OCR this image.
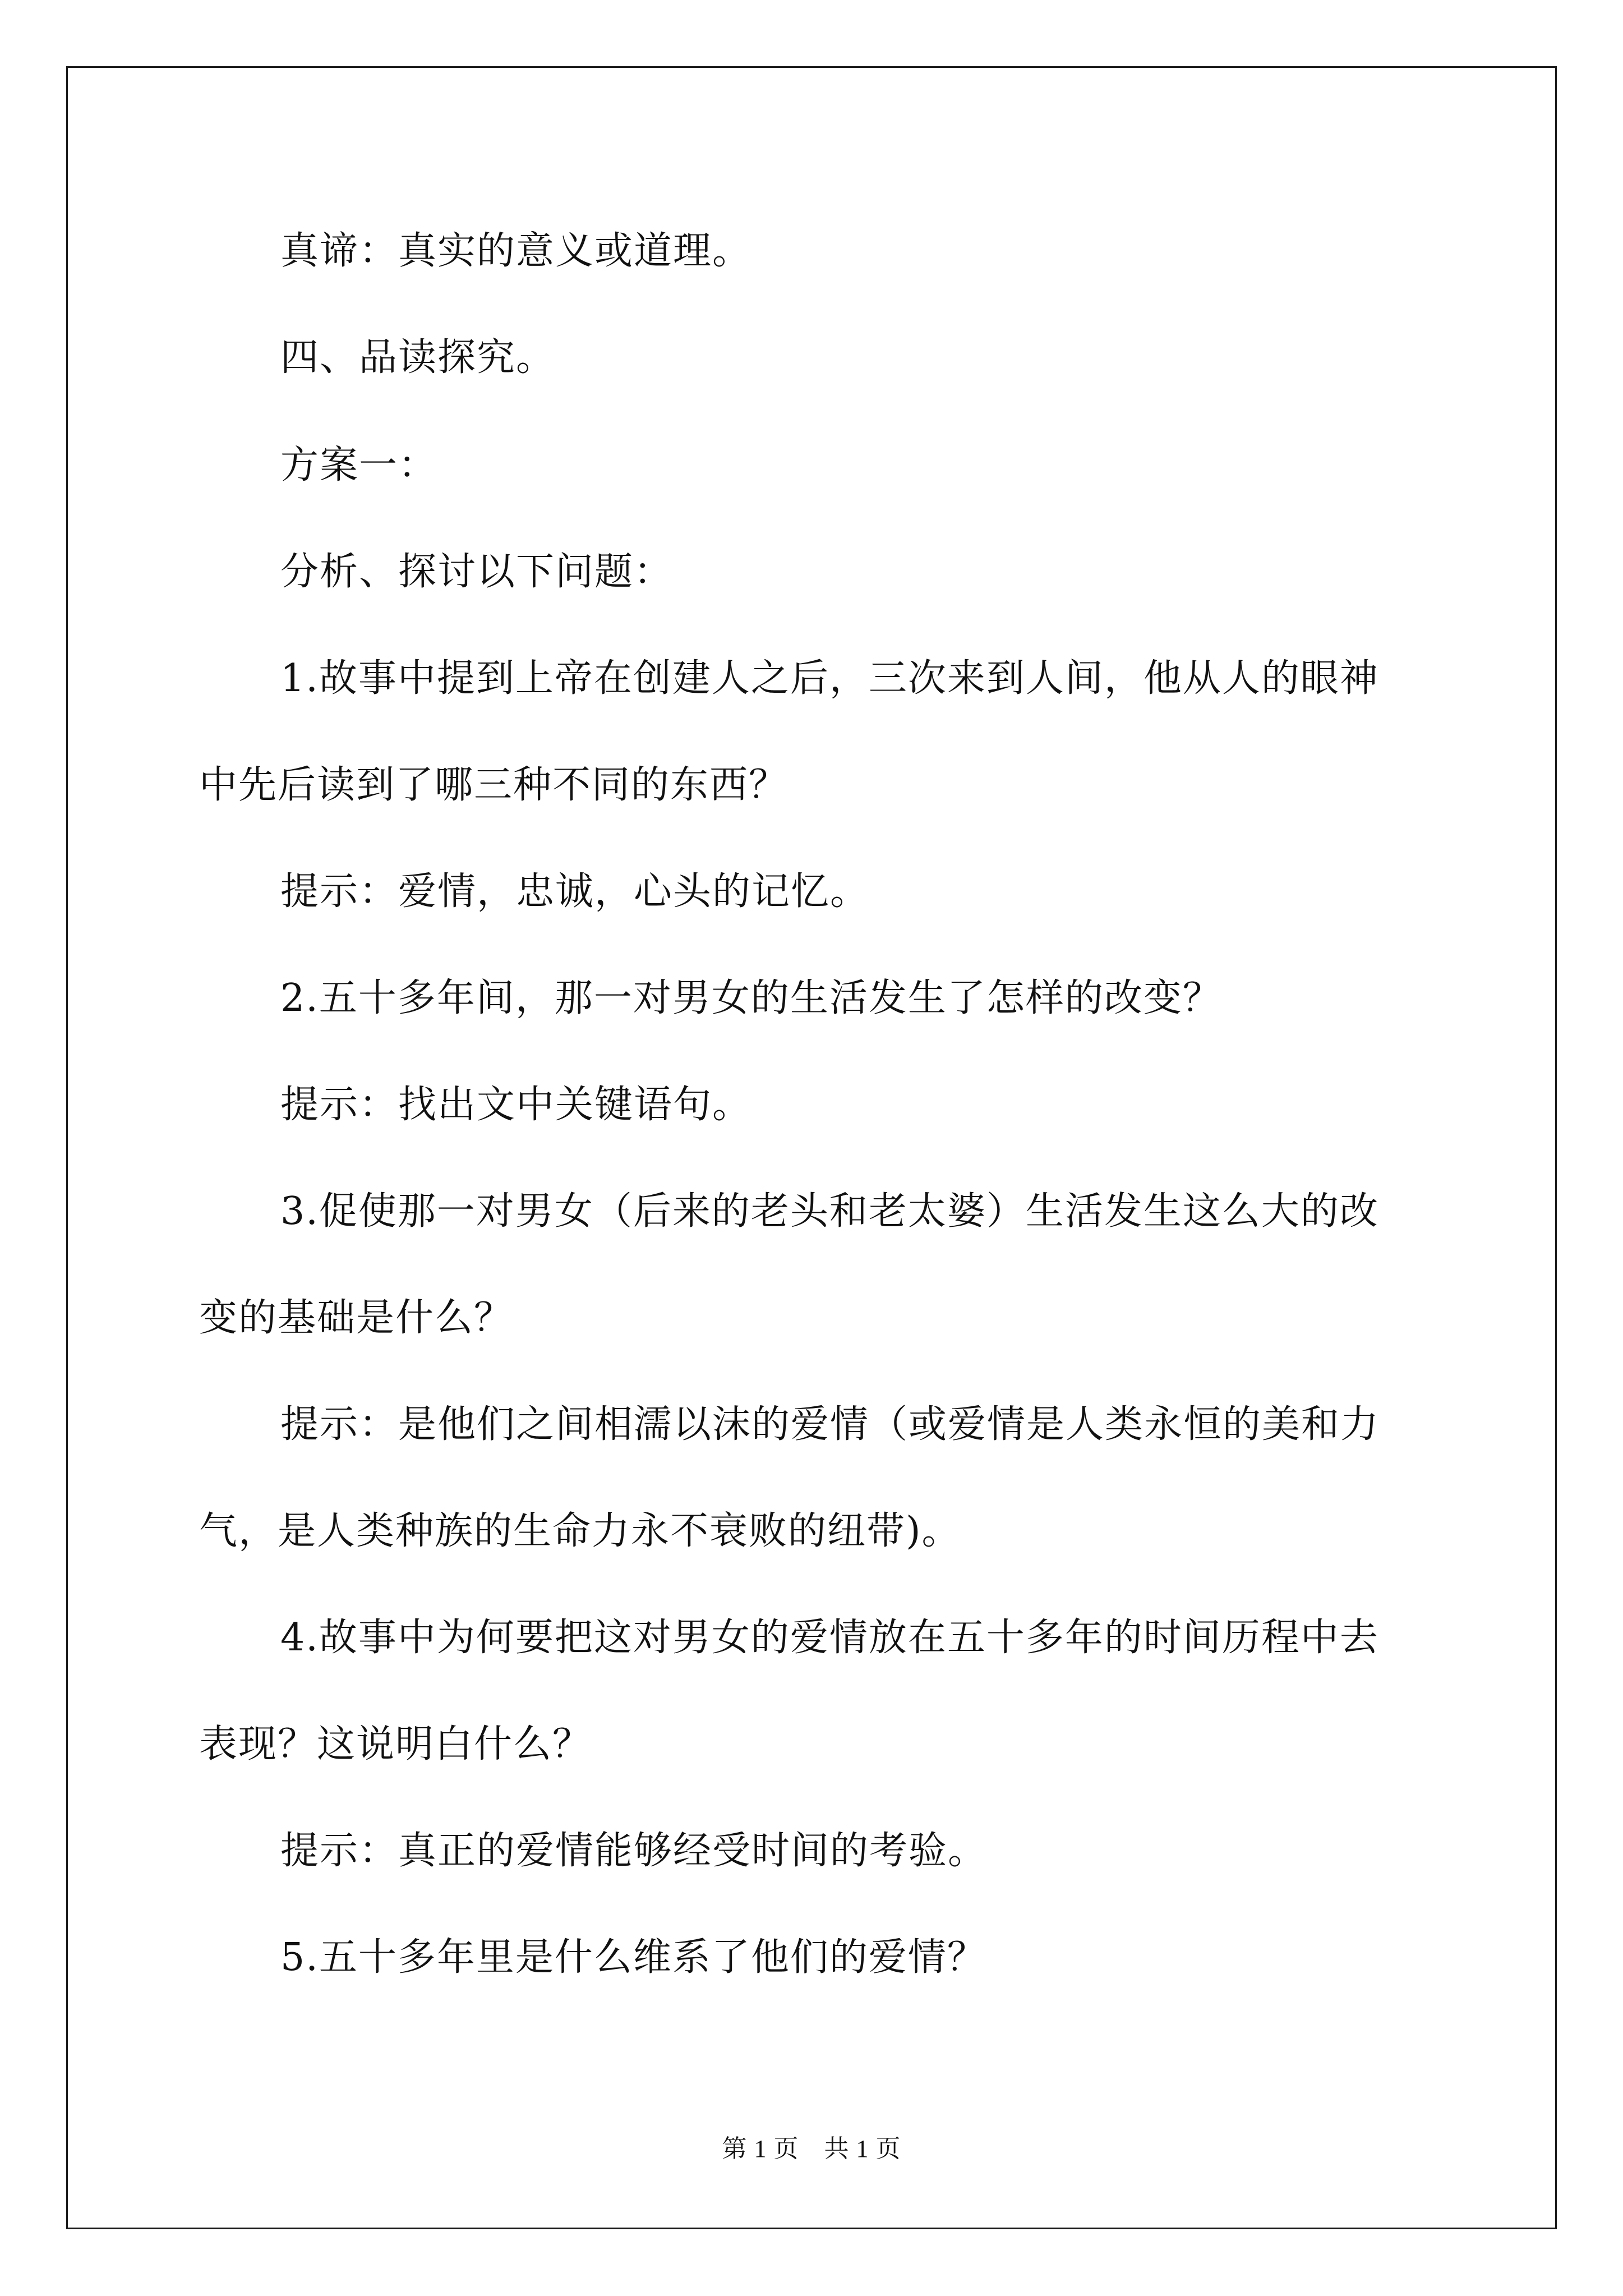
真谛：真实的意义或道理。

四、品读探究。

方案一：

分析、探讨以下问题：

1.故事中提到上帝在创建人之后，三次来到人间，他从人的眼神

中先后读到了哪三种不同的东西？

提示：爱情，忠诚，心头的记忆。

2.五十多年间，那一对男女的生活发生了怎样的改变？

提示：找出文中关键语句。

3.促使那一对男女（后来的老头和老太婆）生活发生这么大的改

变的基础是什么？

提示：是他们之间相濡以沫的爱情（或爱情是人类永恒的美和力

气，是人类种族的生命力永不衰败的纽带)。

4.故事中为何要把这对男女的爱情放在五十多年的时间历程中去

表现？这说明白什么？

提示：真正的爱情能够经受时间的考验。

5.五十多年里是什么维系了他们的爱情？

第 1 页　共 1 页
